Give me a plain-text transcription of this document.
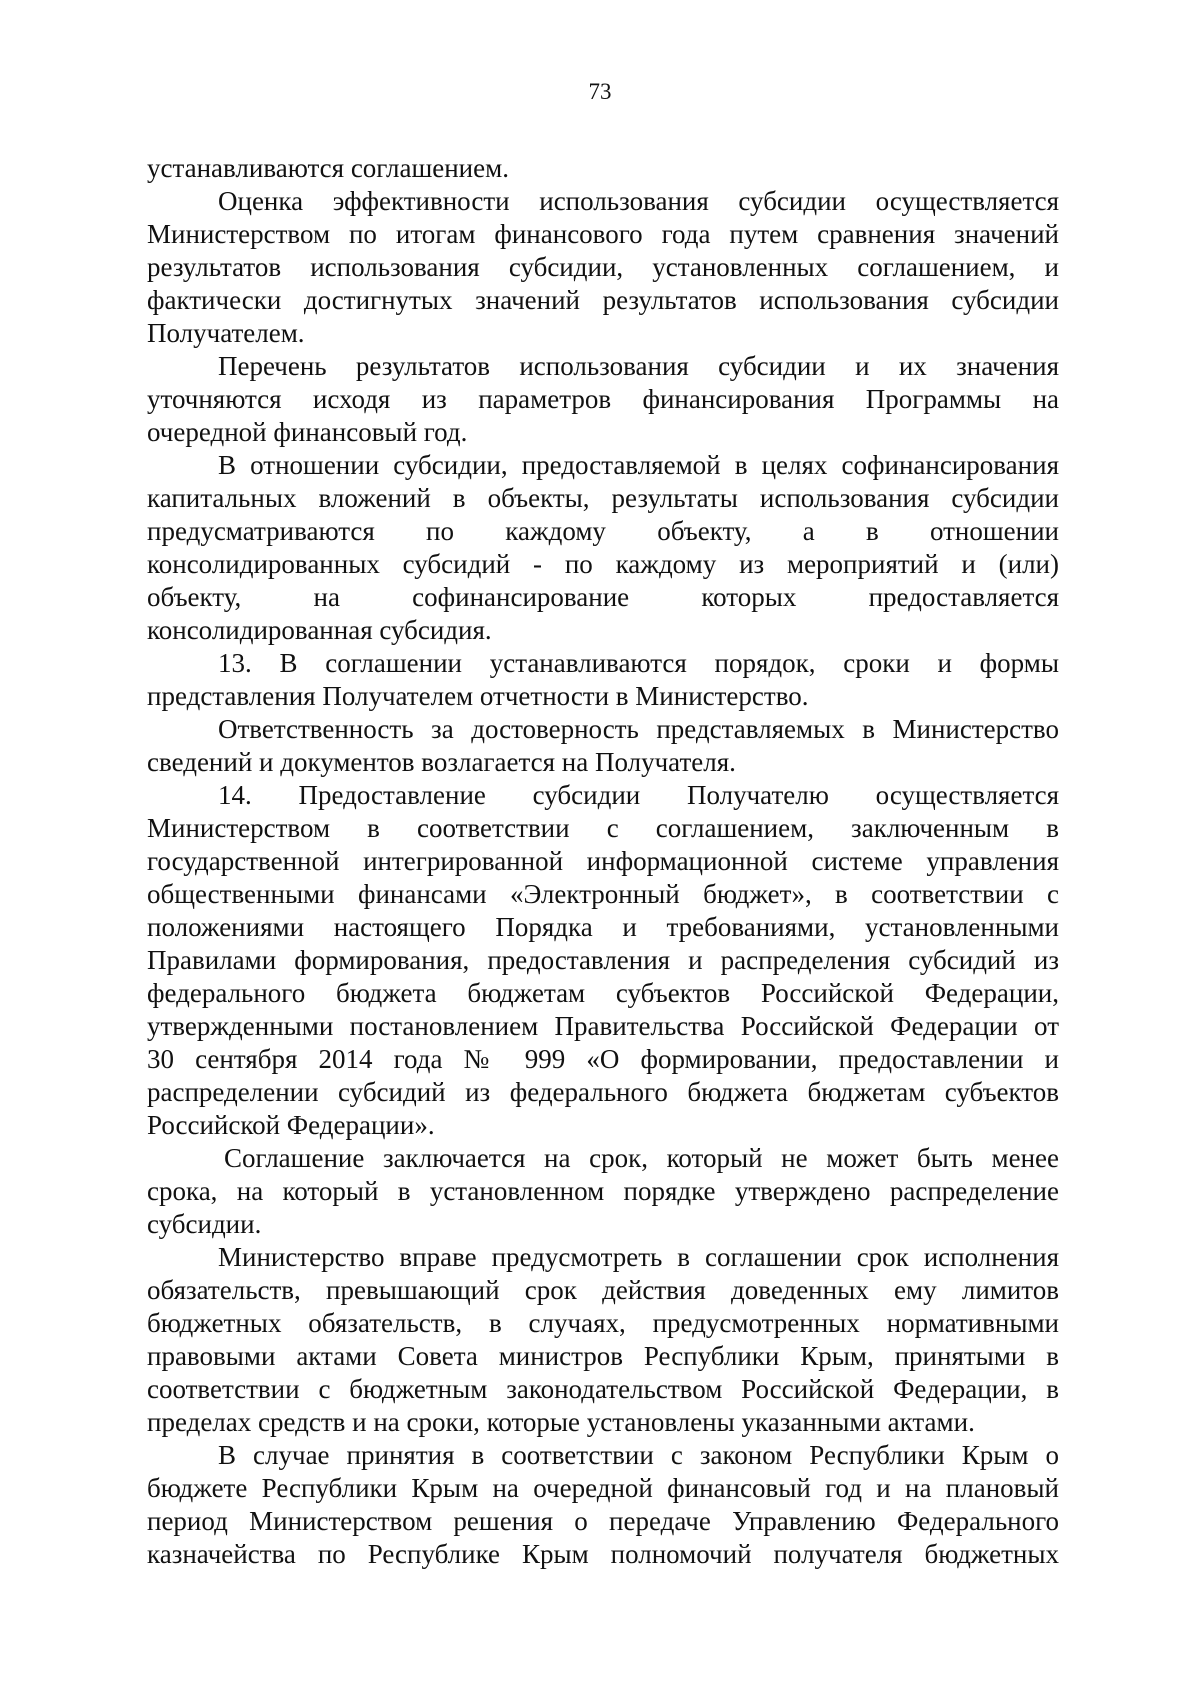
73

устанавливаются соглашением.

Оценка эффективности использования субсидии осуществляется
Министерством по итогам финансового года путем сравнения значений
результатов использования субсидии, установленных соглашением, и
фактически достигнутых значений результатов использования субсидии
Получателем.

Перечень результатов использования субсидии и их значения
уточняются исходя из параметров финансирования Программы на
очередной финансовый год.

В отношении субсидии, предоставляемой в целях софинансирования
капитальных вложений в объекты, результаты использования субсидии
предусматриваются по каждому объекту, а в отношении
консолидированных субсидий - по каждому из мероприятий и (или)
объекту, на софинансирование которых предоставляется
консолидированная субсидия.

13. В соглашении устанавливаются порядок, сроки и формы
представления Получателем отчетности в Министерство.

Ответственность за достоверность представляемых в Министерство
сведений и документов возлагается на Получателя.

14. Предоставление субсидии Получателю осуществляется
Министерством в соответствии с соглашением, заключенным в
государственной интегрированной информационной системе управления
общественными финансами «Электронный бюджет», в соответствии с
положениями настоящего Порядка и требованиями, установленными
Правилами формирования, предоставления и распределения субсидий из
федерального бюджета бюджетам субъектов Российской Федерации,
утвержденными постановлением Правительства Российской Федерации от
30 сентября 2014 года № 999 «О формировании, предоставлении и
распределении субсидий из федерального бюджета бюджетам субъектов
Российской Федерации».

Соглашение заключается на срок, который не может быть менее
срока, на который в установленном порядке утверждено распределение
субсидии.

Министерство вправе предусмотреть в соглашении срок исполнения
обязательств, превышающий срок действия доведенных ему лимитов
бюджетных обязательств, в случаях, предусмотренных нормативными
правовыми актами Совета министров Республики Крым, принятыми в
соответствии с бюджетным законодательством Российской Федерации, в
пределах средств и на сроки, которые установлены указанными актами.

В случае принятия в соответствии с законом Республики Крым о
бюджете Республики Крым на очередной финансовый год и на плановый
период Министерством решения о передаче Управлению Федерального
казначейства по Республике Крым полномочий получателя бюджетных
